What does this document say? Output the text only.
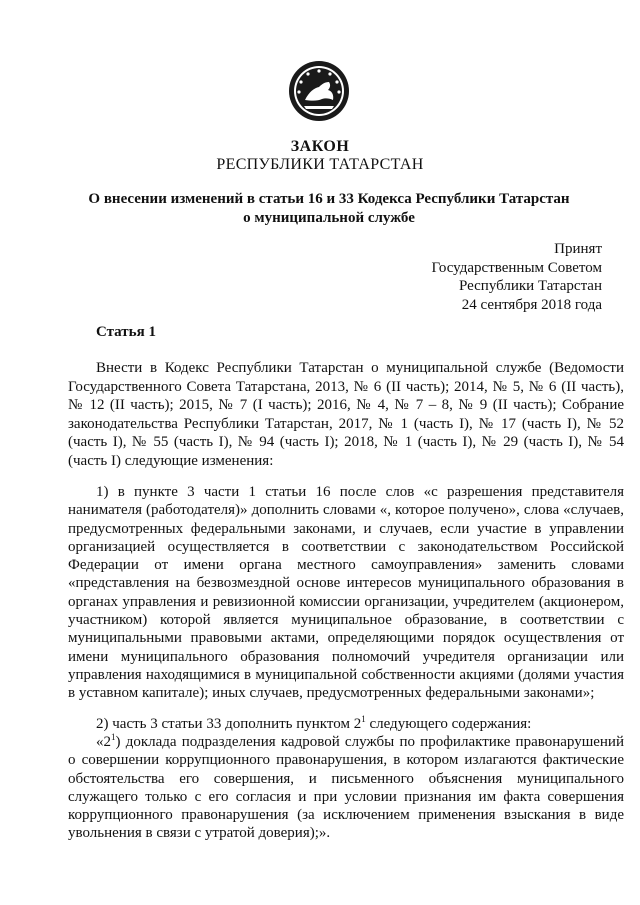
ЗАКОН
РЕСПУБЛИКИ ТАТАРСТАН
О внесении изменений в статьи 16 и 33 Кодекса Республики Татарстан о муниципальной службе
Принят
Государственным Советом
Республики Татарстан
24 сентября 2018 года
Статья 1
Внести в Кодекс Республики Татарстан о муниципальной службе (Ведомости Государственного Совета Татарстана, 2013, № 6 (II часть); 2014, № 5, № 6 (II часть), № 12 (II часть); 2015, № 7 (I часть); 2016, № 4, № 7 – 8, № 9 (II часть); Собрание законодательства Республики Татарстан, 2017, № 1 (часть I), № 17 (часть I), № 52 (часть I), № 55 (часть I), № 94 (часть I); 2018, № 1 (часть I), № 29 (часть I), № 54 (часть I) следующие изменения:
1) в пункте 3 части 1 статьи 16 после слов «с разрешения представителя нанимателя (работодателя)» дополнить словами «, которое получено», слова «случаев, предусмотренных федеральными законами, и случаев, если участие в управлении организацией осуществляется в соответствии с законодательством Российской Федерации от имени органа местного самоуправления» заменить словами «представления на безвозмездной основе интересов муниципального образования в органах управления и ревизионной комиссии организации, учредителем (акционером, участником) которой является муниципальное образование, в соответствии с муниципальными правовыми актами, определяющими порядок осуществления от имени муниципального образования полномочий учредителя организации или управления находящимися в муниципальной собственности акциями (долями участия в уставном капитале); иных случаев, предусмотренных федеральными законами»;
2) часть 3 статьи 33 дополнить пунктом $2^1$ следующего содержания:
«$2^1$) доклада подразделения кадровой службы по профилактике правонарушений о совершении коррупционного правонарушения, в котором излагаются фактические обстоятельства его совершения, и письменного объяснения муниципального служащего только с его согласия и при условии признания им факта совершения коррупционного правонарушения (за исключением применения взыскания в виде увольнения в связи с утратой доверия);».
